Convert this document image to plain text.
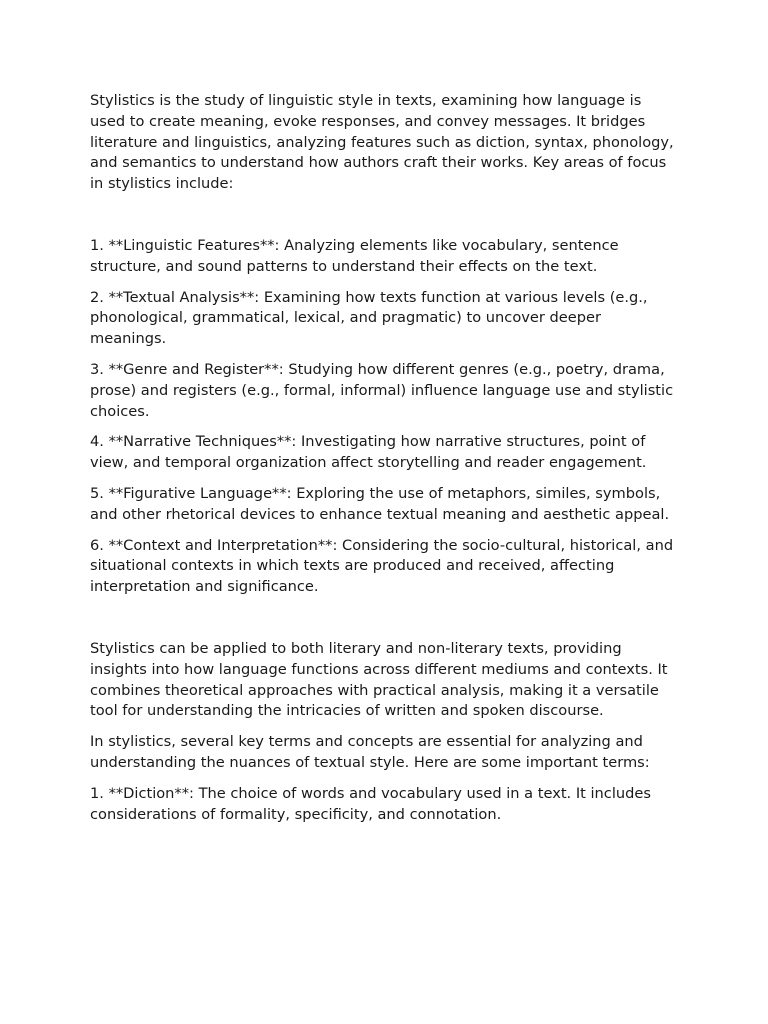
Stylistics is the study of linguistic style in texts, examining how language is used to create meaning, evoke responses, and convey messages. It bridges literature and linguistics, analyzing features such as diction, syntax, phonology, and semantics to understand how authors craft their works. Key areas of focus in stylistics include:

1. **Linguistic Features**: Analyzing elements like vocabulary, sentence structure, and sound patterns to understand their effects on the text.

2. **Textual Analysis**: Examining how texts function at various levels (e.g., phonological, grammatical, lexical, and pragmatic) to uncover deeper meanings.

3. **Genre and Register**: Studying how different genres (e.g., poetry, drama, prose) and registers (e.g., formal, informal) influence language use and stylistic choices.

4. **Narrative Techniques**: Investigating how narrative structures, point of view, and temporal organization affect storytelling and reader engagement.

5. **Figurative Language**: Exploring the use of metaphors, similes, symbols, and other rhetorical devices to enhance textual meaning and aesthetic appeal.

6. **Context and Interpretation**: Considering the socio-cultural, historical, and situational contexts in which texts are produced and received, affecting interpretation and significance.

Stylistics can be applied to both literary and non-literary texts, providing insights into how language functions across different mediums and contexts. It combines theoretical approaches with practical analysis, making it a versatile tool for understanding the intricacies of written and spoken discourse.

In stylistics, several key terms and concepts are essential for analyzing and understanding the nuances of textual style. Here are some important terms:

1. **Diction**: The choice of words and vocabulary used in a text. It includes considerations of formality, specificity, and connotation.
